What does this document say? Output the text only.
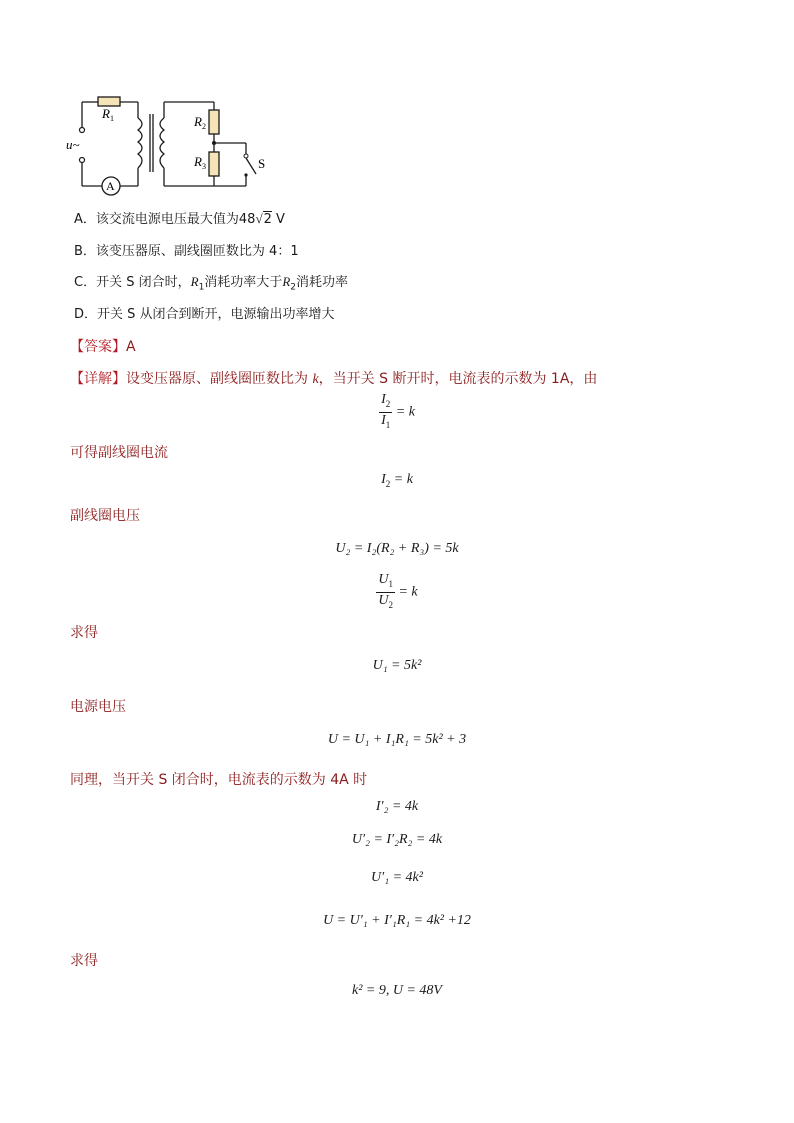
A
$R_1$	$R_2$
$R_3$
u~
S
A．该交流电源电压最大值为48√2 V
B．该变压器原、副线圈匝数比为 4：1
C．开关 S 闭合时，$R_1$消耗功率大于$R_2$消耗功率
D．开关 S 从闭合到断开，电源输出功率增大
【答案】A
【详解】设变压器原、副线圈匝数比为 k，当开关 S 断开时，电流表的示数为 1A，由
$\frac{I_2}{I_1} = k$
可得副线圈电流
$I_2 = k$
副线圈电压
U₂ = I₂(R₂ + R₃) = 5k
$\frac{U_1}{U_2} = k$
求得
U₁ = 5k²
电源电压
U = U₁ + I₁R₁ = 5k² + 3
同理，当开关 S 闭合时，电流表的示数为 4A 时
I′₂ = 4k
U′₂ = I′₂R₂ = 4k
U′₁ = 4k²
U = U′₁ + I′₁R₁ = 4k² +12
求得
k² = 9, U = 48V
